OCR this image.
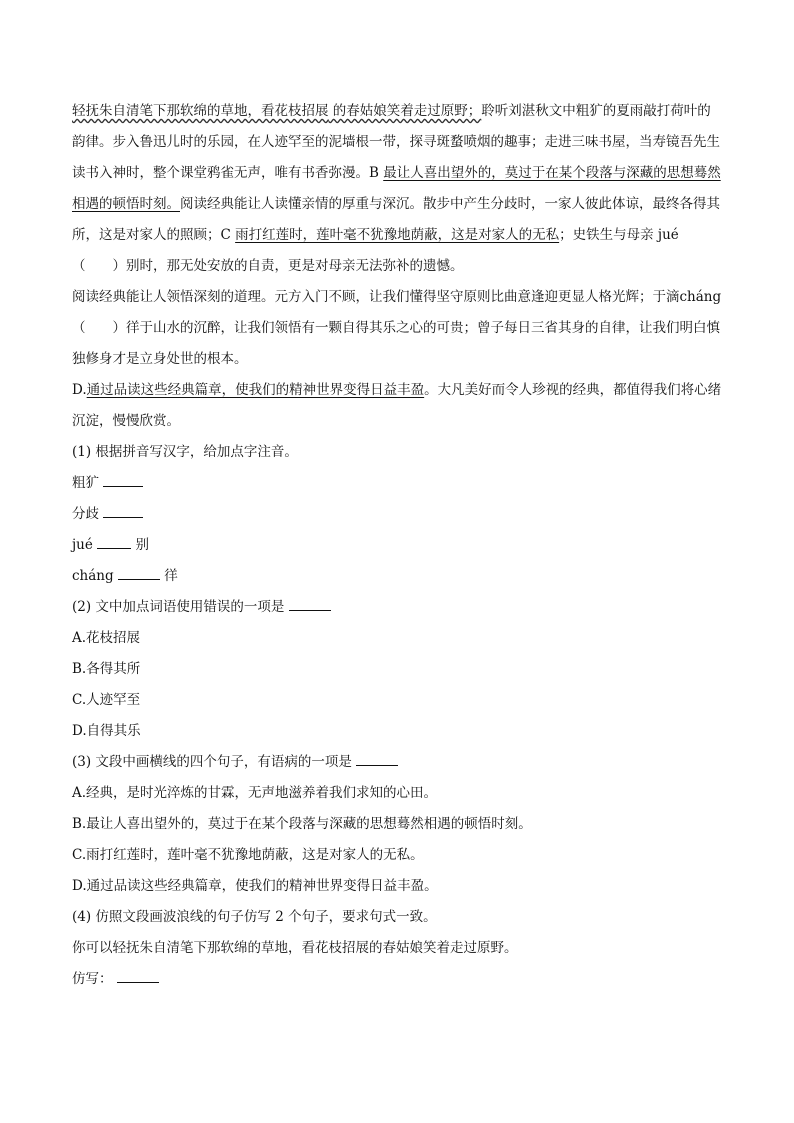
轻抚朱自清笔下那软绵的草地，看花枝招展 的春姑娘笑着走过原野；聆听刘湛秋文中粗犷的夏雨敲打荷叶的韵律。步入鲁迅儿时的乐园，在人迹罕至的泥墙根一带，探寻斑蝥喷烟的趣事；走进三味书屋，当寿镜吾先生读书入神时，整个课堂鸦雀无声，唯有书香弥漫。B 最让人喜出望外的，莫过于在某个段落与深藏的思想蓦然相遇的顿悟时刻。阅读经典能让人读懂亲情的厚重与深沉。散步中产生分歧时，一家人彼此体谅，最终各得其所，这是对家人的照顾；C 雨打红莲时，莲叶毫不犹豫地荫蔽，这是对家人的无私；史铁生与母亲 jué（　　）别时，那无处安放的自责，更是对母亲无法弥补的遗憾。

阅读经典能让人领悟深刻的道理。元方入门不顾，让我们懂得坚守原则比曲意逢迎更显人格光辉；于滴cháng（　　）徉于山水的沉醉，让我们领悟有一颗自得其乐之心的可贵；曾子每日三省其身的自律，让我们明白慎独修身才是立身处世的根本。

D.通过品读这些经典篇章，使我们的精神世界变得日益丰盈。大凡美好而令人珍视的经典，都值得我们将心绪沉淀，慢慢欣赏。

(1) 根据拼音写汉字，给加点字注音。

粗犷

分歧

jué	别

cháng	徉

(2) 文中加点词语使用错误的一项是

A.花枝招展

B.各得其所

C.人迹罕至

D.自得其乐

(3) 文段中画横线的四个句子，有语病的一项是

A.经典，是时光淬炼的甘霖，无声地滋养着我们求知的心田。

B.最让人喜出望外的，莫过于在某个段落与深藏的思想蓦然相遇的顿悟时刻。

C.雨打红莲时，莲叶毫不犹豫地荫蔽，这是对家人的无私。

D.通过品读这些经典篇章，使我们的精神世界变得日益丰盈。

(4) 仿照文段画波浪线的句子仿写 2 个句子，要求句式一致。

你可以轻抚朱自清笔下那软绵的草地，看花枝招展的春姑娘笑着走过原野。

仿写：
